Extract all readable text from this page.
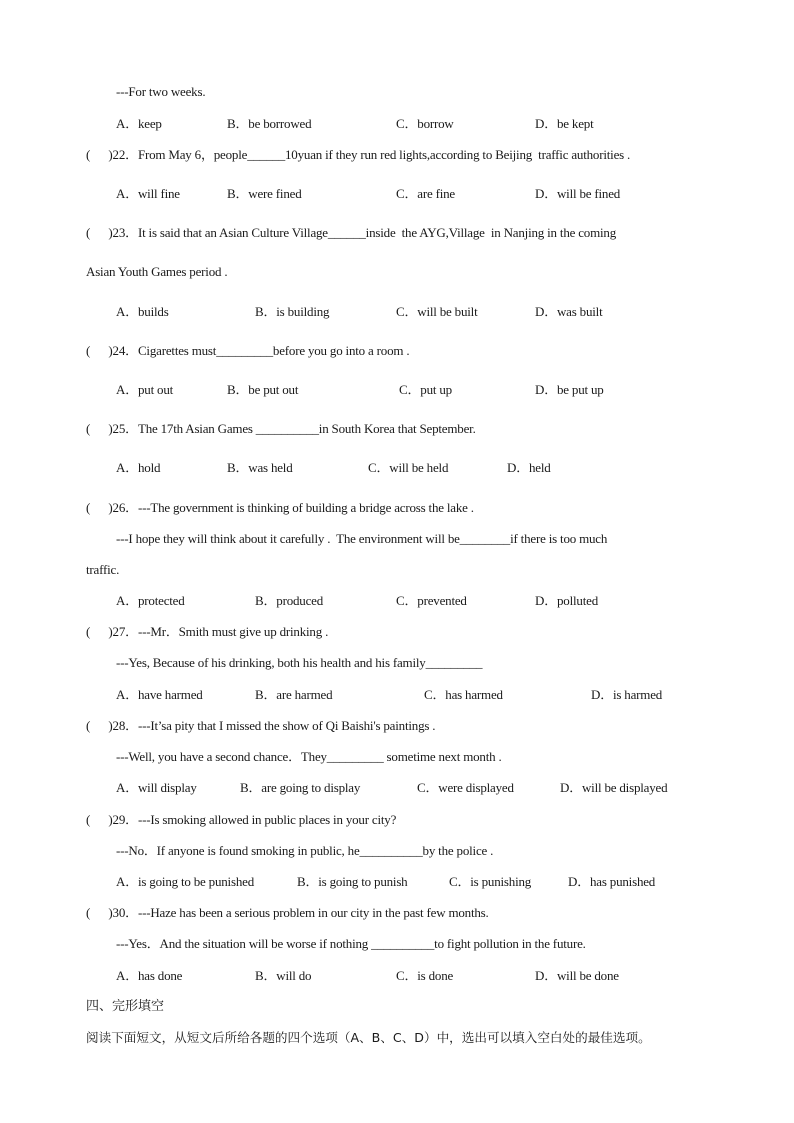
---For two weeks.
A．keep	B．be borrowed	C．borrow	D．be kept
(      )22．From May 6，people______10yuan if they run red lights,according to Beijing  traffic authorities .
A．will fine	B．were fined	C．are fine	D．will be fined
(      )23．It is said that an Asian Culture Village______inside  the AYG,Village  in Nanjing in the coming
Asian Youth Games period .
A．builds	B．is building	C．will be built	D．was built
(      )24．Cigarettes must_________before you go into a room .
A．put out	B．be put out	C．put up	D．be put up
(      )25．The 17th Asian Games __________in South Korea that September.
A．hold	B．was held	C．will be held	D．held
(      )26．---The government is thinking of building a bridge across the lake .
---I hope they will think about it carefully .  The environment will be________if there is too much
traffic.
A．protected	B．produced	C．prevented	D．polluted
(      )27．---Mr．Smith must give up drinking .
---Yes, Because of his drinking, both his health and his family_________
A．have harmed	B．are harmed	C．has harmed	D．is harmed
(      )28．---It’sa pity that I missed the show of Qi Baishi's paintings .
---Well, you have a second chance．They_________ sometime next month .
A．will display	B．are going to display	C．were displayed	D．will be displayed
(      )29．---Is smoking allowed in public places in your city?
---No．If anyone is found smoking in public, he__________by the police .
A．is going to be punished	B．is going to punish	C．is punishing	D．has punished
(      )30．---Haze has been a serious problem in our city in the past few months.
---Yes．And the situation will be worse if nothing __________to fight pollution in the future.
A．has done	B．will do	C．is done	D．will be done
四、完形填空
阅读下面短文，从短文后所给各题的四个选项（A、B、C、D）中，选出可以填入空白处的最佳选项。
